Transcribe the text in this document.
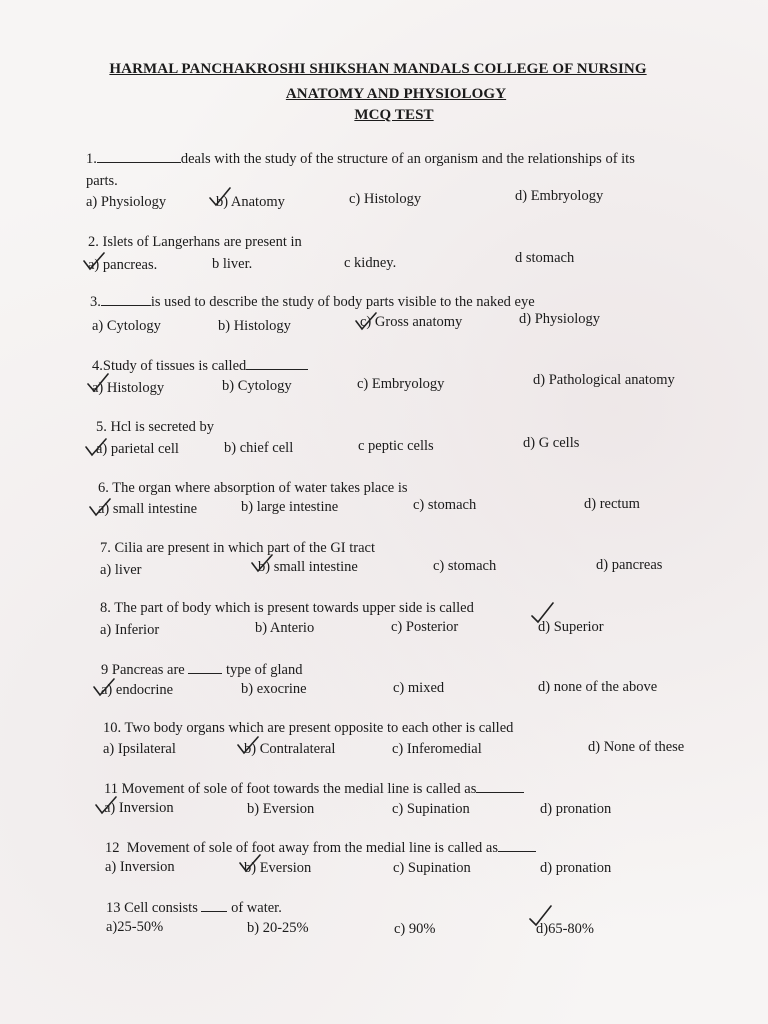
HARMAL PANCHAKROSHI SHIKSHAN MANDALS COLLEGE OF NURSING
ANATOMY AND PHYSIOLOGY
MCQ TEST
1.	deals with the study of the structure of an organism and the relationships of its
parts.
a) Physiology	b) Anatomy	c) Histology	d) Embryology
2. Islets of Langerhans are present in
a) pancreas.	b liver.	c kidney.	d stomach
3.	is used to describe the study of body parts visible to the naked eye
a) Cytology	b) Histology	c) Gross anatomy	d) Physiology
4.Study of tissues is called
a) Histology	b) Cytology	c) Embryology	d) Pathological anatomy
5. Hcl is secreted by
a) parietal cell	b) chief cell	c peptic cells	d) G cells
6. The organ where absorption of water takes place is
a) small intestine	b) large intestine	c) stomach	d) rectum
7. Cilia are present in which part of the GI tract
a) liver	b) small intestine	c) stomach	d) pancreas
8. The part of body which is present towards upper side is called
a) Inferior	b) Anterio	c) Posterior	d) Superior
9 Pancreas are	type of gland
a) endocrine	b) exocrine	c) mixed	d) none of the above
10. Two body organs which are present opposite to each other is called
a) Ipsilateral	b) Contralateral	c) Inferomedial	d) None of these
11 Movement of sole of foot towards the medial line is called as
a) Inversion	b) Eversion	c) Supination	d) pronation
12 Movement of sole of foot away from the medial line is called as
a) Inversion	b) Eversion	c) Supination	d) pronation
13 Cell consists of water.
a)25-50%	b) 20-25%	c) 90%	d)65-80%
